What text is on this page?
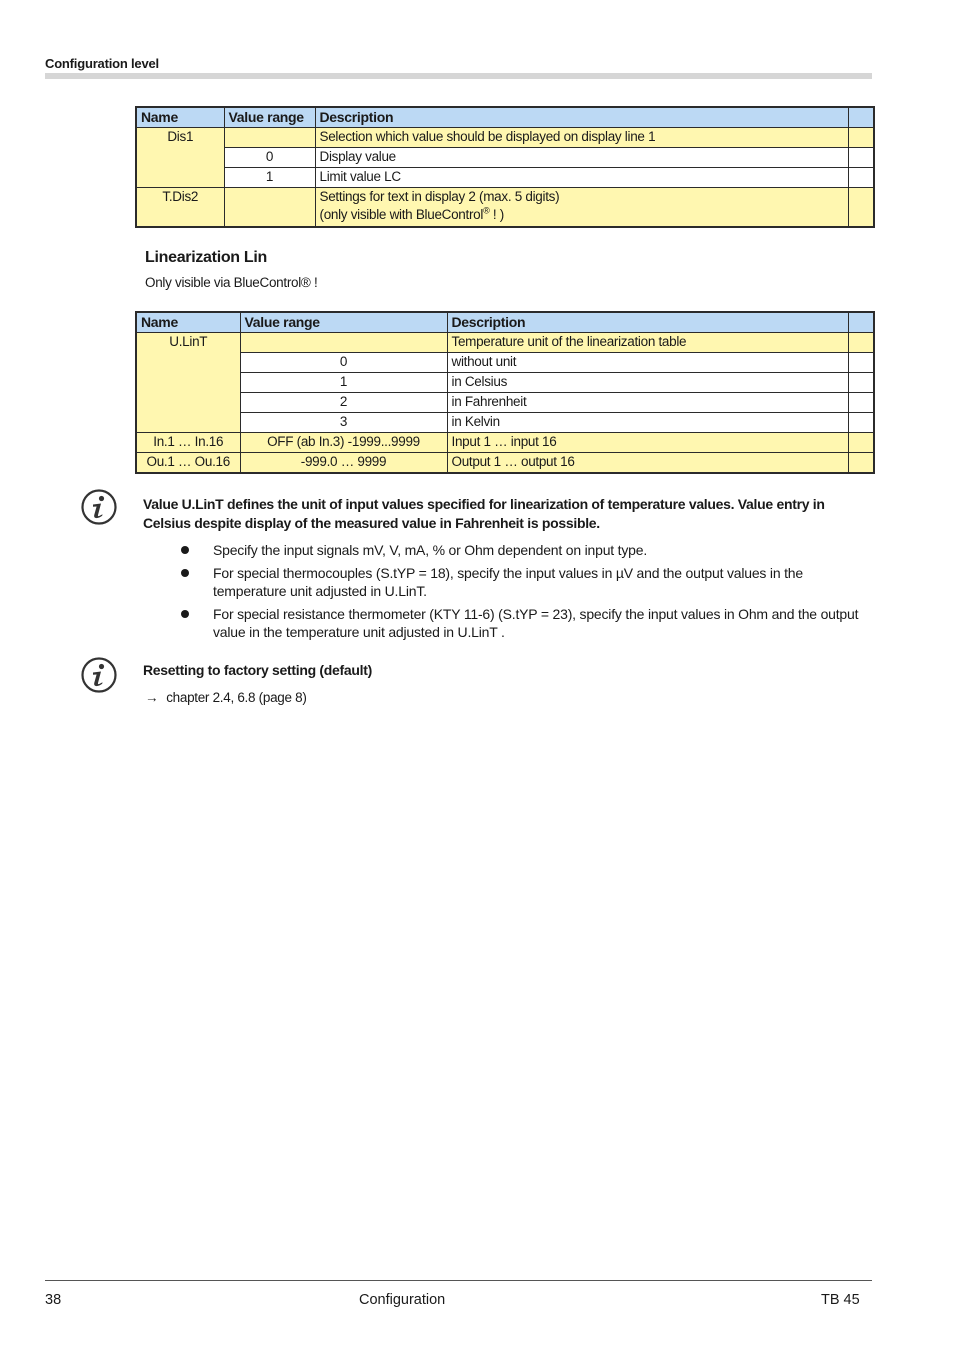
Configuration level
Name	Value range	Description	
Dis1		Selection which value should be displayed on display line 1	
	0	Display value	
	1	Limit value LC	
T.Dis2		Settings for text in display 2 (max. 5 digits)
(only visible with BlueControl® ! )	

Linearization Lin
Only visible via BlueControl® !
Name	Value range	Description	
U.LinT		Temperature unit of the linearization table	
	0	without unit	
	1	in Celsius	
	2	in Fahrenheit	
	3	in Kelvin	
In.1 … In.16	OFF (ab In.3) -1999...9999	Input 1 … input 16	
Ou.1 … Ou.16	-999.0 … 9999	Output 1 … output 16	
Value U.LinT defines the unit of input values specified for linearization of temperature values. Value entry in Celsius despite display of the measured value in Fahrenheit is possible.
Specify the input signals mV, V, mA, % or Ohm dependent on input type.
For special thermocouples (S.tYP = 18), specify the input values in µV and the output values in the temperature unit adjusted in U.LinT.
For special resistance thermometer (KTY 11-6) (S.tYP = 23), specify the input values in Ohm and the output value in the temperature unit adjusted in U.LinT .
Resetting to factory setting (default)
→ chapter 2.4, 6.8 (page 8)
38	Configuration	TB 45
